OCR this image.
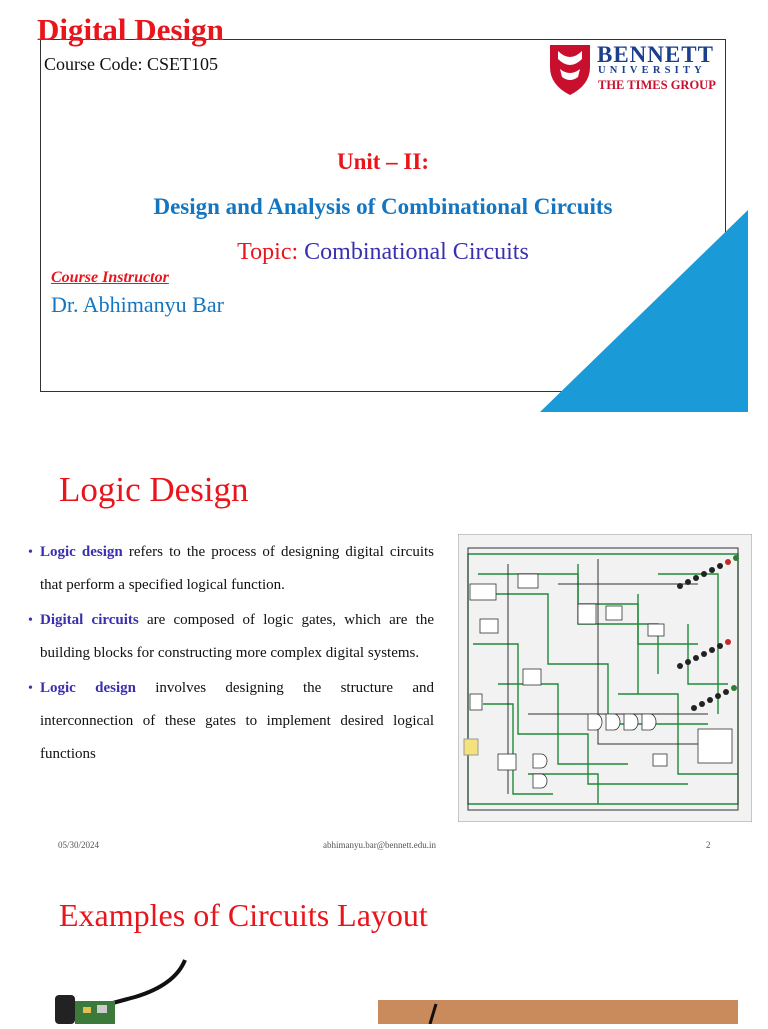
Digital Design
Course Code: CSET105	BENNETT
UNIVERSITY
THE TIMES GROUP
Unit – II:
Design and Analysis of Combinational Circuits
Topic: Combinational Circuits
Course Instructor
Dr. Abhimanyu Bar
Logic Design
• Logic design refers to the process of designing digital circuits that perform a specified logical function.
• Digital circuits are composed of logic gates, which are the building blocks for constructing more complex digital systems.
• Logic design involves designing the structure and interconnection of these gates to implement desired logical functions
05/30/2024	abhimanyu.bar@bennett.edu.in	2
Examples of Circuits Layout
